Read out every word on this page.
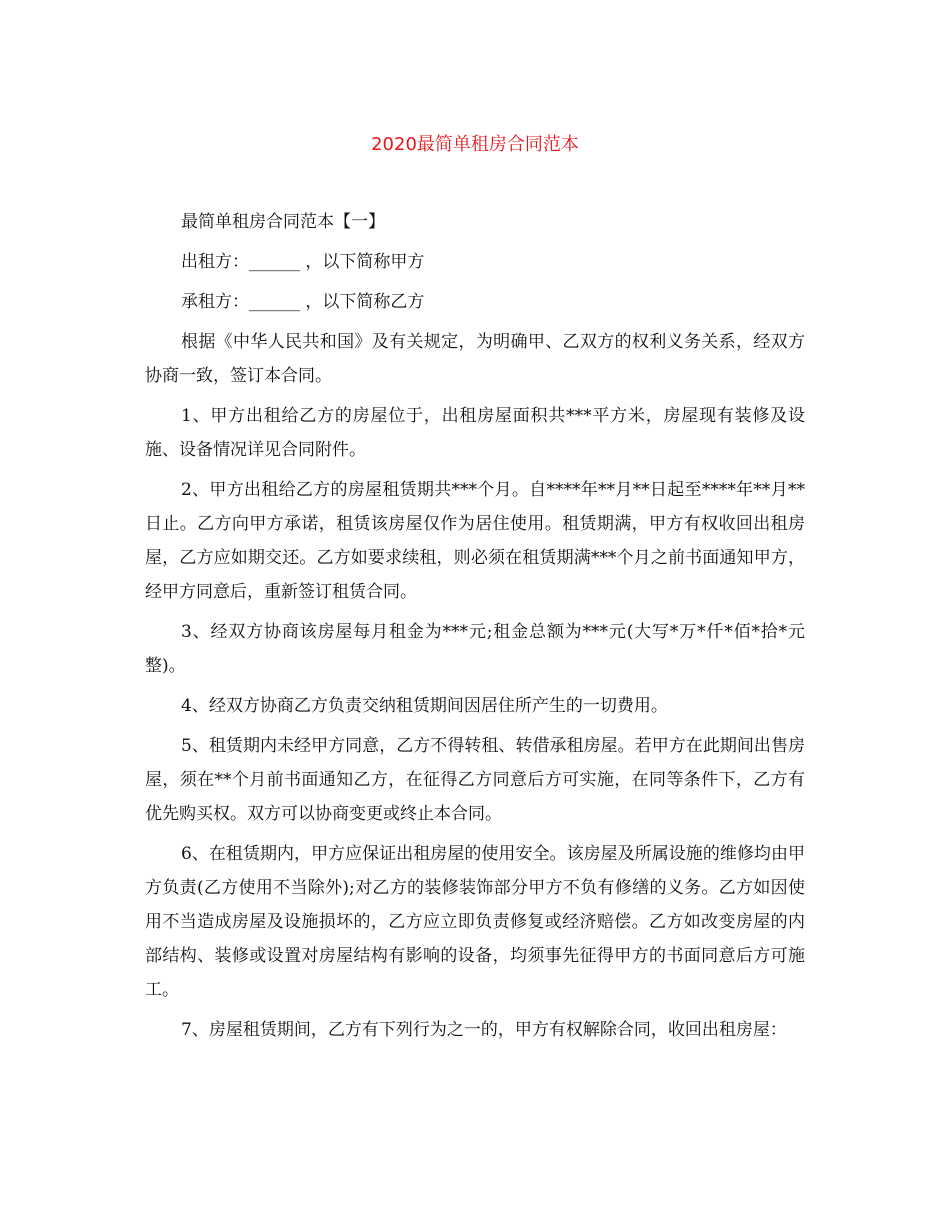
2020最简单租房合同范本

最简单租房合同范本【一】

出租方：______ ，以下简称甲方

承租方：______ ，以下简称乙方

根据《中华人民共和国》及有关规定，为明确甲、乙双方的权利义务关系，经双方协商一致，签订本合同。

1、甲方出租给乙方的房屋位于，出租房屋面积共***平方米，房屋现有装修及设施、设备情况详见合同附件。

2、甲方出租给乙方的房屋租赁期共***个月。自****年**月**日起至****年**月**日止。乙方向甲方承诺，租赁该房屋仅作为居住使用。租赁期满，甲方有权收回出租房屋，乙方应如期交还。乙方如要求续租，则必须在租赁期满***个月之前书面通知甲方，经甲方同意后，重新签订租赁合同。

3、经双方协商该房屋每月租金为***元;租金总额为***元(大写*万*仟*佰*拾*元整)。

4、经双方协商乙方负责交纳租赁期间因居住所产生的一切费用。

5、租赁期内未经甲方同意，乙方不得转租、转借承租房屋。若甲方在此期间出售房屋，须在**个月前书面通知乙方，在征得乙方同意后方可实施，在同等条件下，乙方有优先购买权。双方可以协商变更或终止本合同。

6、在租赁期内，甲方应保证出租房屋的使用安全。该房屋及所属设施的维修均由甲方负责(乙方使用不当除外);对乙方的装修装饰部分甲方不负有修缮的义务。乙方如因使用不当造成房屋及设施损坏的，乙方应立即负责修复或经济赔偿。乙方如改变房屋的内部结构、装修或设置对房屋结构有影响的设备，均须事先征得甲方的书面同意后方可施工。

7、房屋租赁期间，乙方有下列行为之一的，甲方有权解除合同，收回出租房屋：
